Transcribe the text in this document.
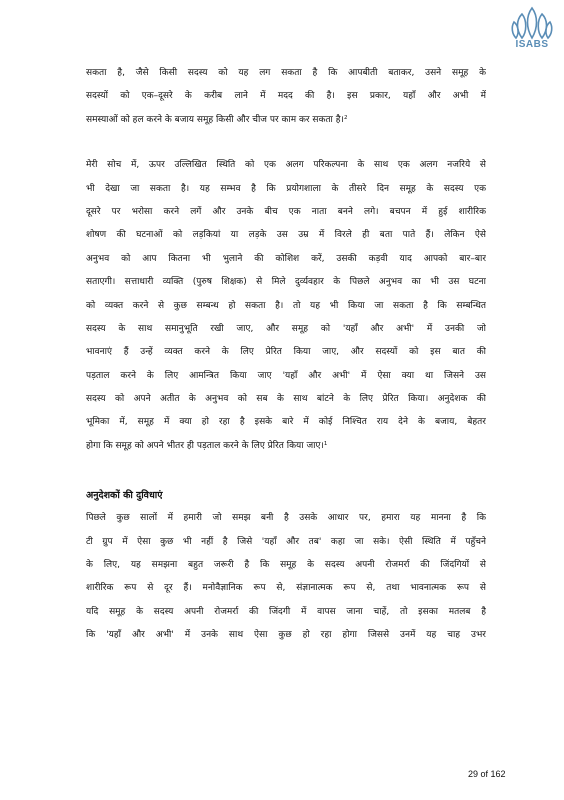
ISABS
सकता है, जैसे किसी सदस्य को यह लग सकता है कि आपबीती बताकर, उसने समूह के
सदस्यों को एक–दूसरे के करीब लाने में मदद की है। इस प्रकार, यहाँ और अभी में
समस्याओं को हल करने के बजाय समूह किसी और चीज पर काम कर सकता है।$^2$
मेरी सोच में, ऊपर उल्लिखित स्थिति को एक अलग परिकल्पना के साथ एक अलग नजरिये से
भी देखा जा सकता है। यह सम्भव है कि प्रयोगशाला के तीसरे दिन समूह के सदस्य एक
दूसरे पर भरोसा करने लगें और उनके बीच एक नाता बनने लगे। बचपन में हुई शारीरिक
शोषण की घटनाओं को लड़कियां या लड़के उस उम्र में विरले ही बता पाते हैं। लेकिन ऐसे
अनुभव को आप कितना भी भुलाने की कोशिश करें, उसकी कड़वी याद आपको बार–बार
सताएगी। सत्ताधारी व्यक्ति (पुरुष शिक्षक) से मिले दुर्व्यवहार के पिछले अनुभव का भी उस घटना
को व्यक्त करने से कुछ सम्बन्ध हो सकता है। तो यह भी किया जा सकता है कि सम्बन्धित
सदस्य के साथ समानुभूति रखी जाए, और समूह को 'यहाँ और अभी' में उनकी जो
भावनाएं हैं उन्हें व्यक्त करने के लिए प्रेरित किया जाए, और सदस्यों को इस बात की
पड़ताल करने के लिए आमन्त्रित किया जाए 'यहाँ और अभी' में ऐसा क्या था जिसने उस
सदस्य को अपने अतीत के अनुभव को सब के साथ बांटने के लिए प्रेरित किया। अनुदेशक की
भूमिका में, समूह में क्या हो रहा है इसके बारे में कोई निश्चित राय देने के बजाय, बेहतर
होगा कि समूह को अपने भीतर ही पड़ताल करने के लिए प्रेरित किया जाए।$^1$
अनुदेशकों की दुविधाएं
पिछले कुछ सालों में हमारी जो समझ बनी है उसके आधार पर, हमारा यह मानना है कि
टी ग्रुप में ऐसा कुछ भी नहीं है जिसे 'यहाँ और तब' कहा जा सके। ऐसी स्थिति में पहुँचने
के लिए, यह समझना बहुत जरूरी है कि समूह के सदस्य अपनी रोजमर्रा की जिंदगियों से
शारीरिक रूप से दूर हैं। मनोवैज्ञानिक रूप से, संज्ञानात्मक रूप से, तथा भावनात्मक रूप से
यदि समूह के सदस्य अपनी रोजमर्रा की जिंदगी में वापस जाना चाहें, तो इसका मतलब है
कि 'यहाँ और अभी' में उनके साथ ऐसा कुछ हो रहा होगा जिससे उनमें यह चाह उभर
29 of 162
